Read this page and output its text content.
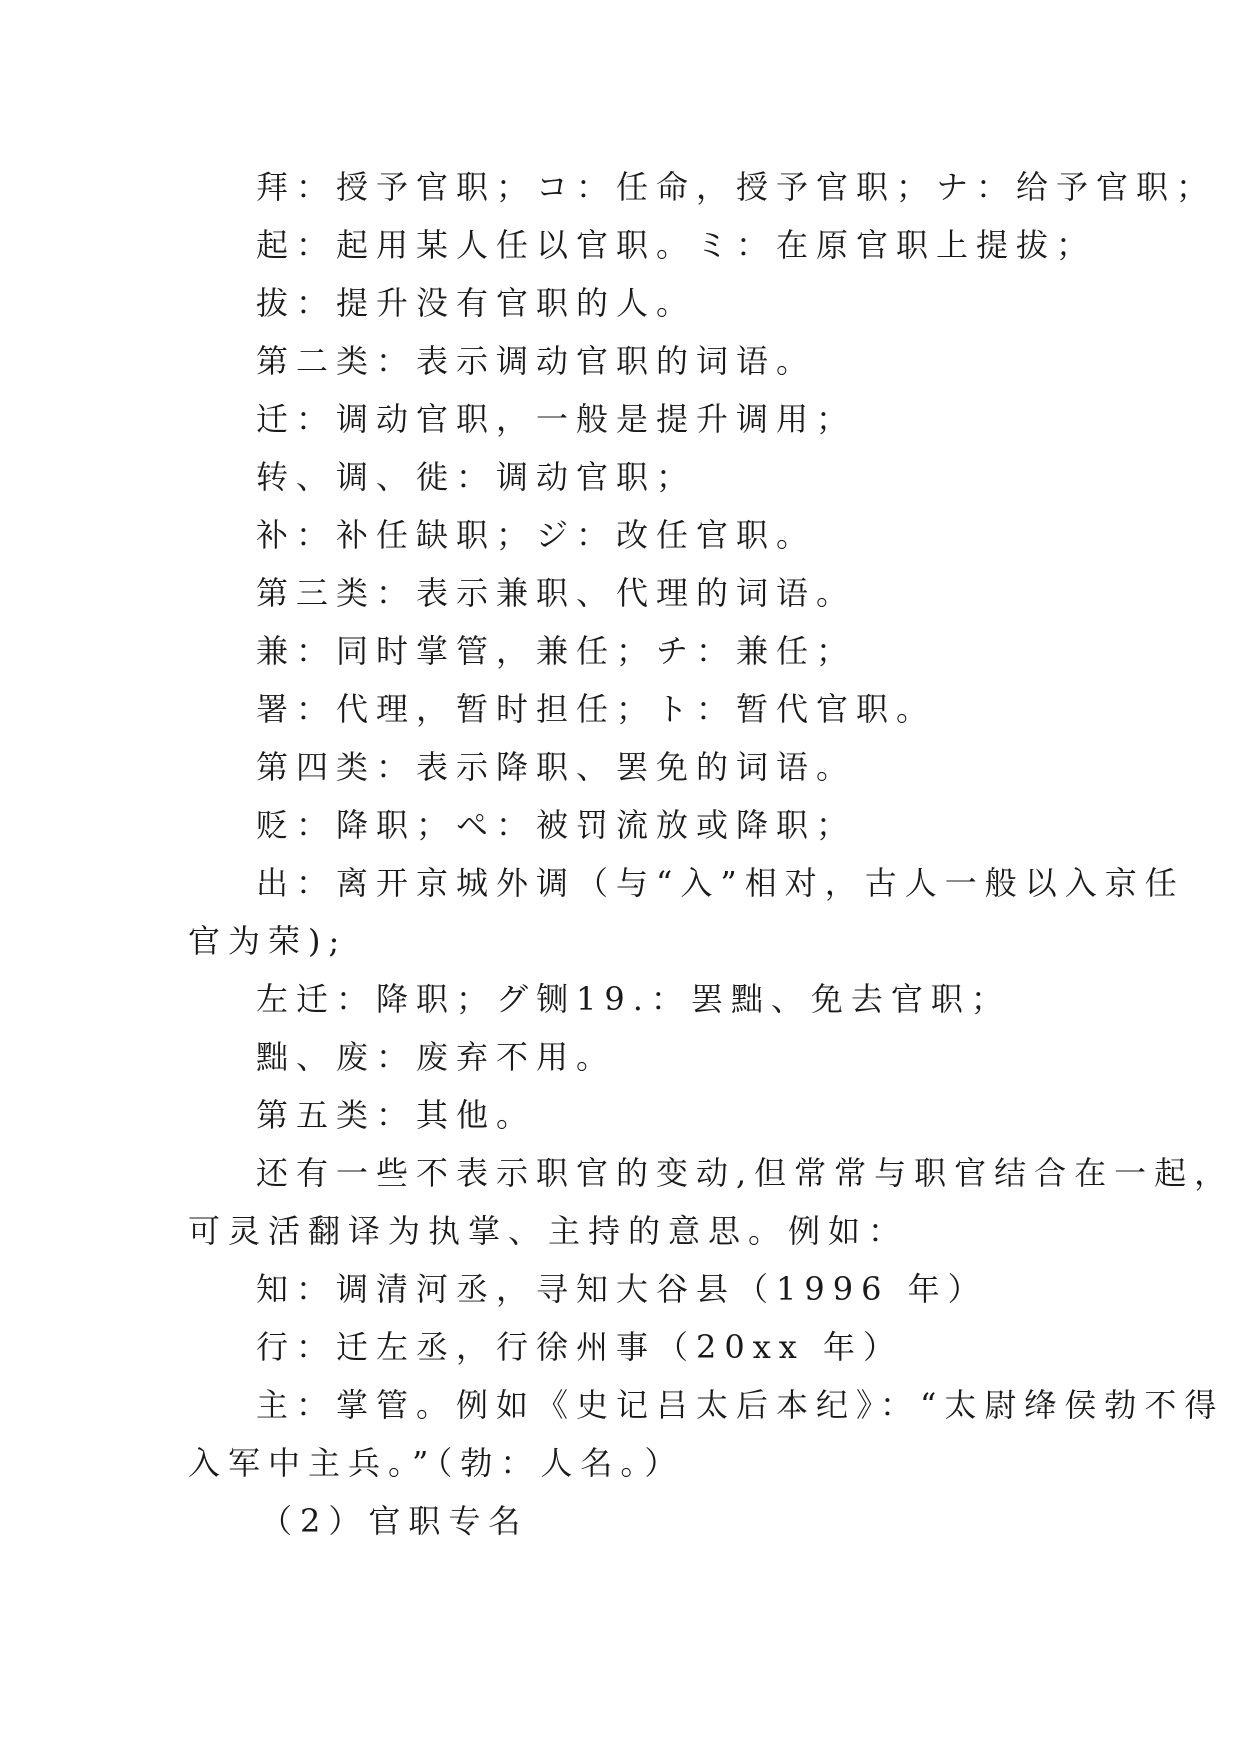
拜：授予官职；コ：任命，授予官职；ナ：给予官职；

起：起用某人任以官职。ミ：在原官职上提拔；

拔：提升没有官职的人。

第二类：表示调动官职的词语。

迁：调动官职，一般是提升调用；

转、调、徙：调动官职；

补：补任缺职；ジ：改任官职。

第三类：表示兼职、代理的词语。

兼：同时掌管，兼任；チ：兼任；

署：代理，暂时担任；ト：暂代官职。

第四类：表示降职、罢免的词语。

贬：降职；ペ：被罚流放或降职；

出：离开京城外调（与“入”相对，古人一般以入京任

官为荣);

左迁：降职；グ铡19.：罢黜、免去官职；

黜、废：废弃不用。

第五类：其他。

还有一些不表示职官的变动,但常常与职官结合在一起，

可灵活翻译为执掌、主持的意思。例如：

知：调清河丞，寻知大谷县（1996 年）

行：迁左丞，行徐州事（20xx 年）

主：掌管。例如《史记吕太后本纪》：“太尉绛侯勃不得

入军中主兵。”（勃：人名。）

（2）官职专名
